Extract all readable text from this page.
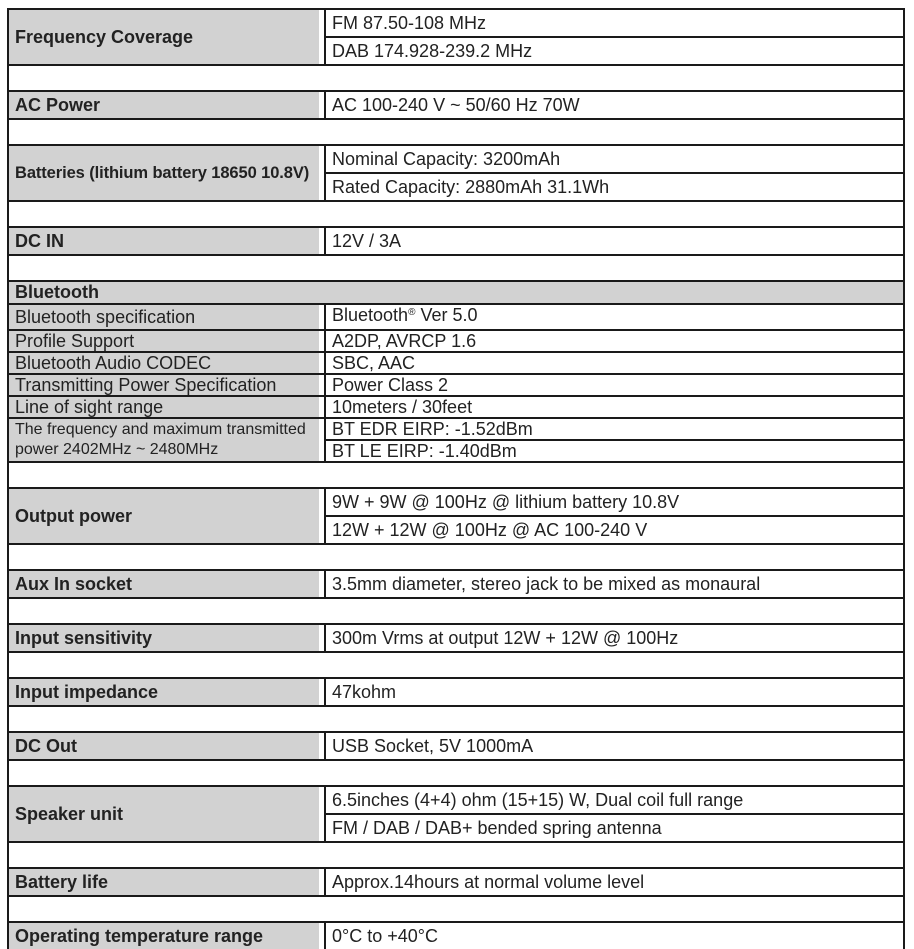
Frequency Coverage	FM 87.50-108 MHz
	DAB 174.928-239.2 MHz

AC Power	AC 100-240 V ~ 50/60 Hz 70W

Batteries (lithium battery 18650 10.8V)	Nominal Capacity: 3200mAh
	Rated Capacity: 2880mAh 31.1Wh

DC IN	12V / 3A

Bluetooth	
Bluetooth specification	Bluetooth® Ver 5.0
Profile Support	A2DP, AVRCP 1.6
Bluetooth Audio CODEC	SBC, AAC
Transmitting Power Specification	Power Class 2
Line of sight range	10meters / 30feet

The frequency and maximum transmitted
power 2402MHz ~ 2480MHz	BT EDR EIRP: -1.52dBm
	BT LE EIRP: -1.40dBm

Output power	9W + 9W @ 100Hz @ lithium battery 10.8V
	12W + 12W @ 100Hz @ AC 100-240 V

Aux In socket	3.5mm diameter, stereo jack to be mixed as monaural

Input sensitivity	300m Vrms at output 12W + 12W @ 100Hz

Input impedance	47kohm

DC Out	USB Socket, 5V 1000mA

Speaker unit	6.5inches (4+4) ohm (15+15) W, Dual coil full range
	FM / DAB / DAB+ bended spring antenna

Battery life	Approx.14hours at normal volume level

Operating temperature range	0°C to +40°C
